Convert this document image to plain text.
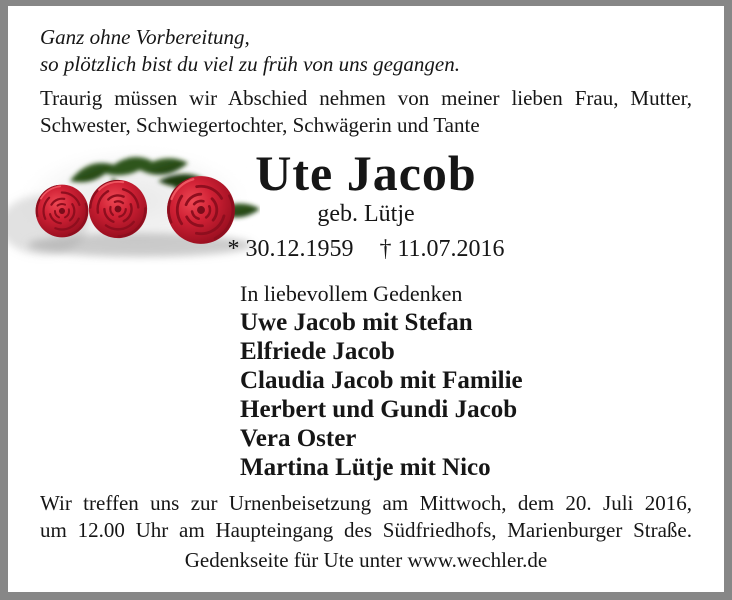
Ganz ohne Vorbereitung,
so plötzlich bist du viel zu früh von uns gegangen.
Traurig müssen wir Abschied nehmen von meiner lieben Frau, Mutter,
Schwester, Schwiegertochter, Schwägerin und Tante
Ute Jacob
geb. Lütje
* 30.12.1959 † 11.07.2016
In liebevollem Gedenken
Uwe Jacob mit Stefan
Elfriede Jacob
Claudia Jacob mit Familie
Herbert und Gundi Jacob
Vera Oster
Martina Lütje mit Nico
Wir treffen uns zur Urnenbeisetzung am Mittwoch, dem 20. Juli 2016,
um 12.00 Uhr am Haupteingang des Südfriedhofs, Marienburger Straße.
Gedenkseite für Ute unter www.wechler.de
